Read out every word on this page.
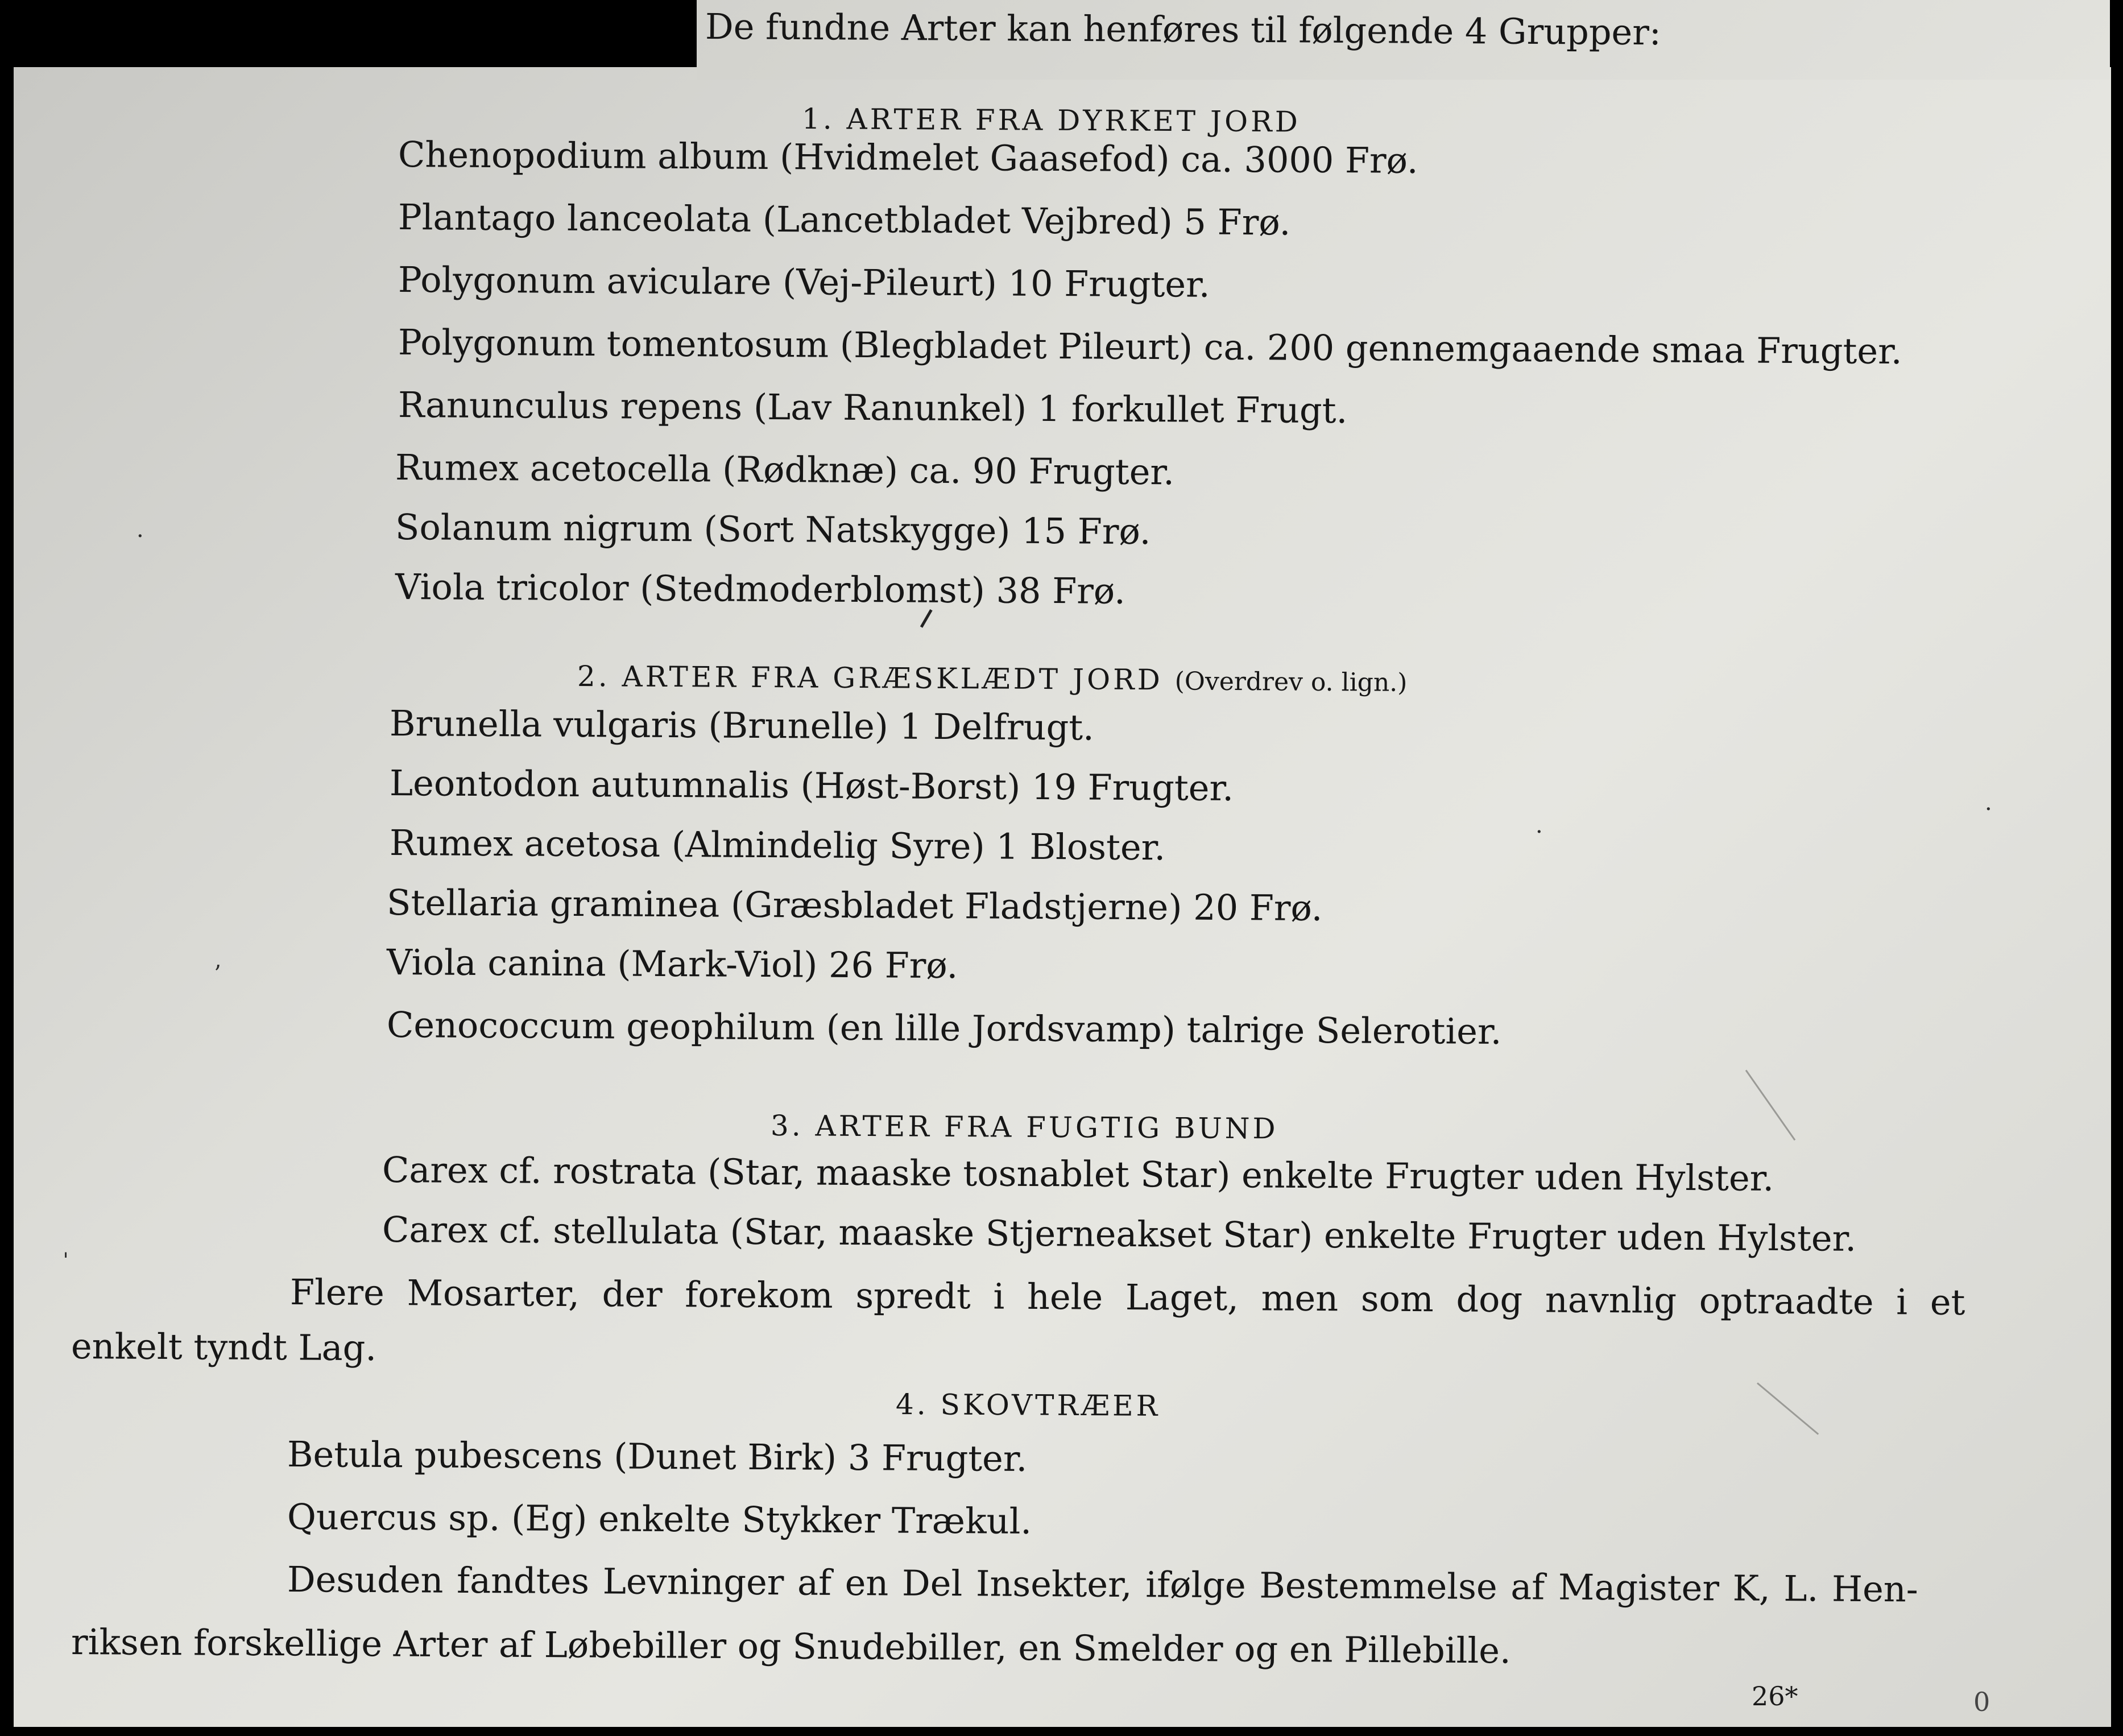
De fundne Arter kan henføres til følgende 4 Grupper:
1. ARTER FRA DYRKET JORD
Chenopodium album (Hvidmelet Gaasefod) ca. 3000 Frø.
Plantago lanceolata (Lancetbladet Vejbred) 5 Frø.
Polygonum aviculare (Vej-Pileurt) 10 Frugter.
Polygonum tomentosum (Blegbladet Pileurt) ca. 200 gennemgaaende smaa Frugter.
Ranunculus repens (Lav Ranunkel) 1 forkullet Frugt.
Rumex acetocella (Rødknæ) ca. 90 Frugter.
Solanum nigrum (Sort Natskygge) 15 Frø.
Viola tricolor (Stedmoderblomst) 38 Frø.
2. ARTER FRA GRÆSKLÆDT JORD (Overdrev o. lign.)
Brunella vulgaris (Brunelle) 1 Delfrugt.
Leontodon autumnalis (Høst-Borst) 19 Frugter.
Rumex acetosa (Almindelig Syre) 1 Bloster.
Stellaria graminea (Græsbladet Fladstjerne) 20 Frø.
Viola canina (Mark-Viol) 26 Frø.
Cenococcum geophilum (en lille Jordsvamp) talrige Selerotier.
3. ARTER FRA FUGTIG BUND
Carex cf. rostrata (Star, maaske tosnablet Star) enkelte Frugter uden Hylster.
Carex cf. stellulata (Star, maaske Stjerneakset Star) enkelte Frugter uden Hylster.
Flere Mosarter, der forekom spredt i hele Laget, men som dog navnlig optraadte i et
enkelt tyndt Lag.
4. SKOVTRÆER
Betula pubescens (Dunet Birk) 3 Frugter.
Quercus sp. (Eg) enkelte Stykker Trækul.
Desuden fandtes Levninger af en Del Insekter, ifølge Bestemmelse af Magister K, L. Hen-
riksen forskellige Arter af Løbebiller og Snudebiller, en Smelder og en Pillebille.
26*	0
·
ʼ
ˌ
·
·
